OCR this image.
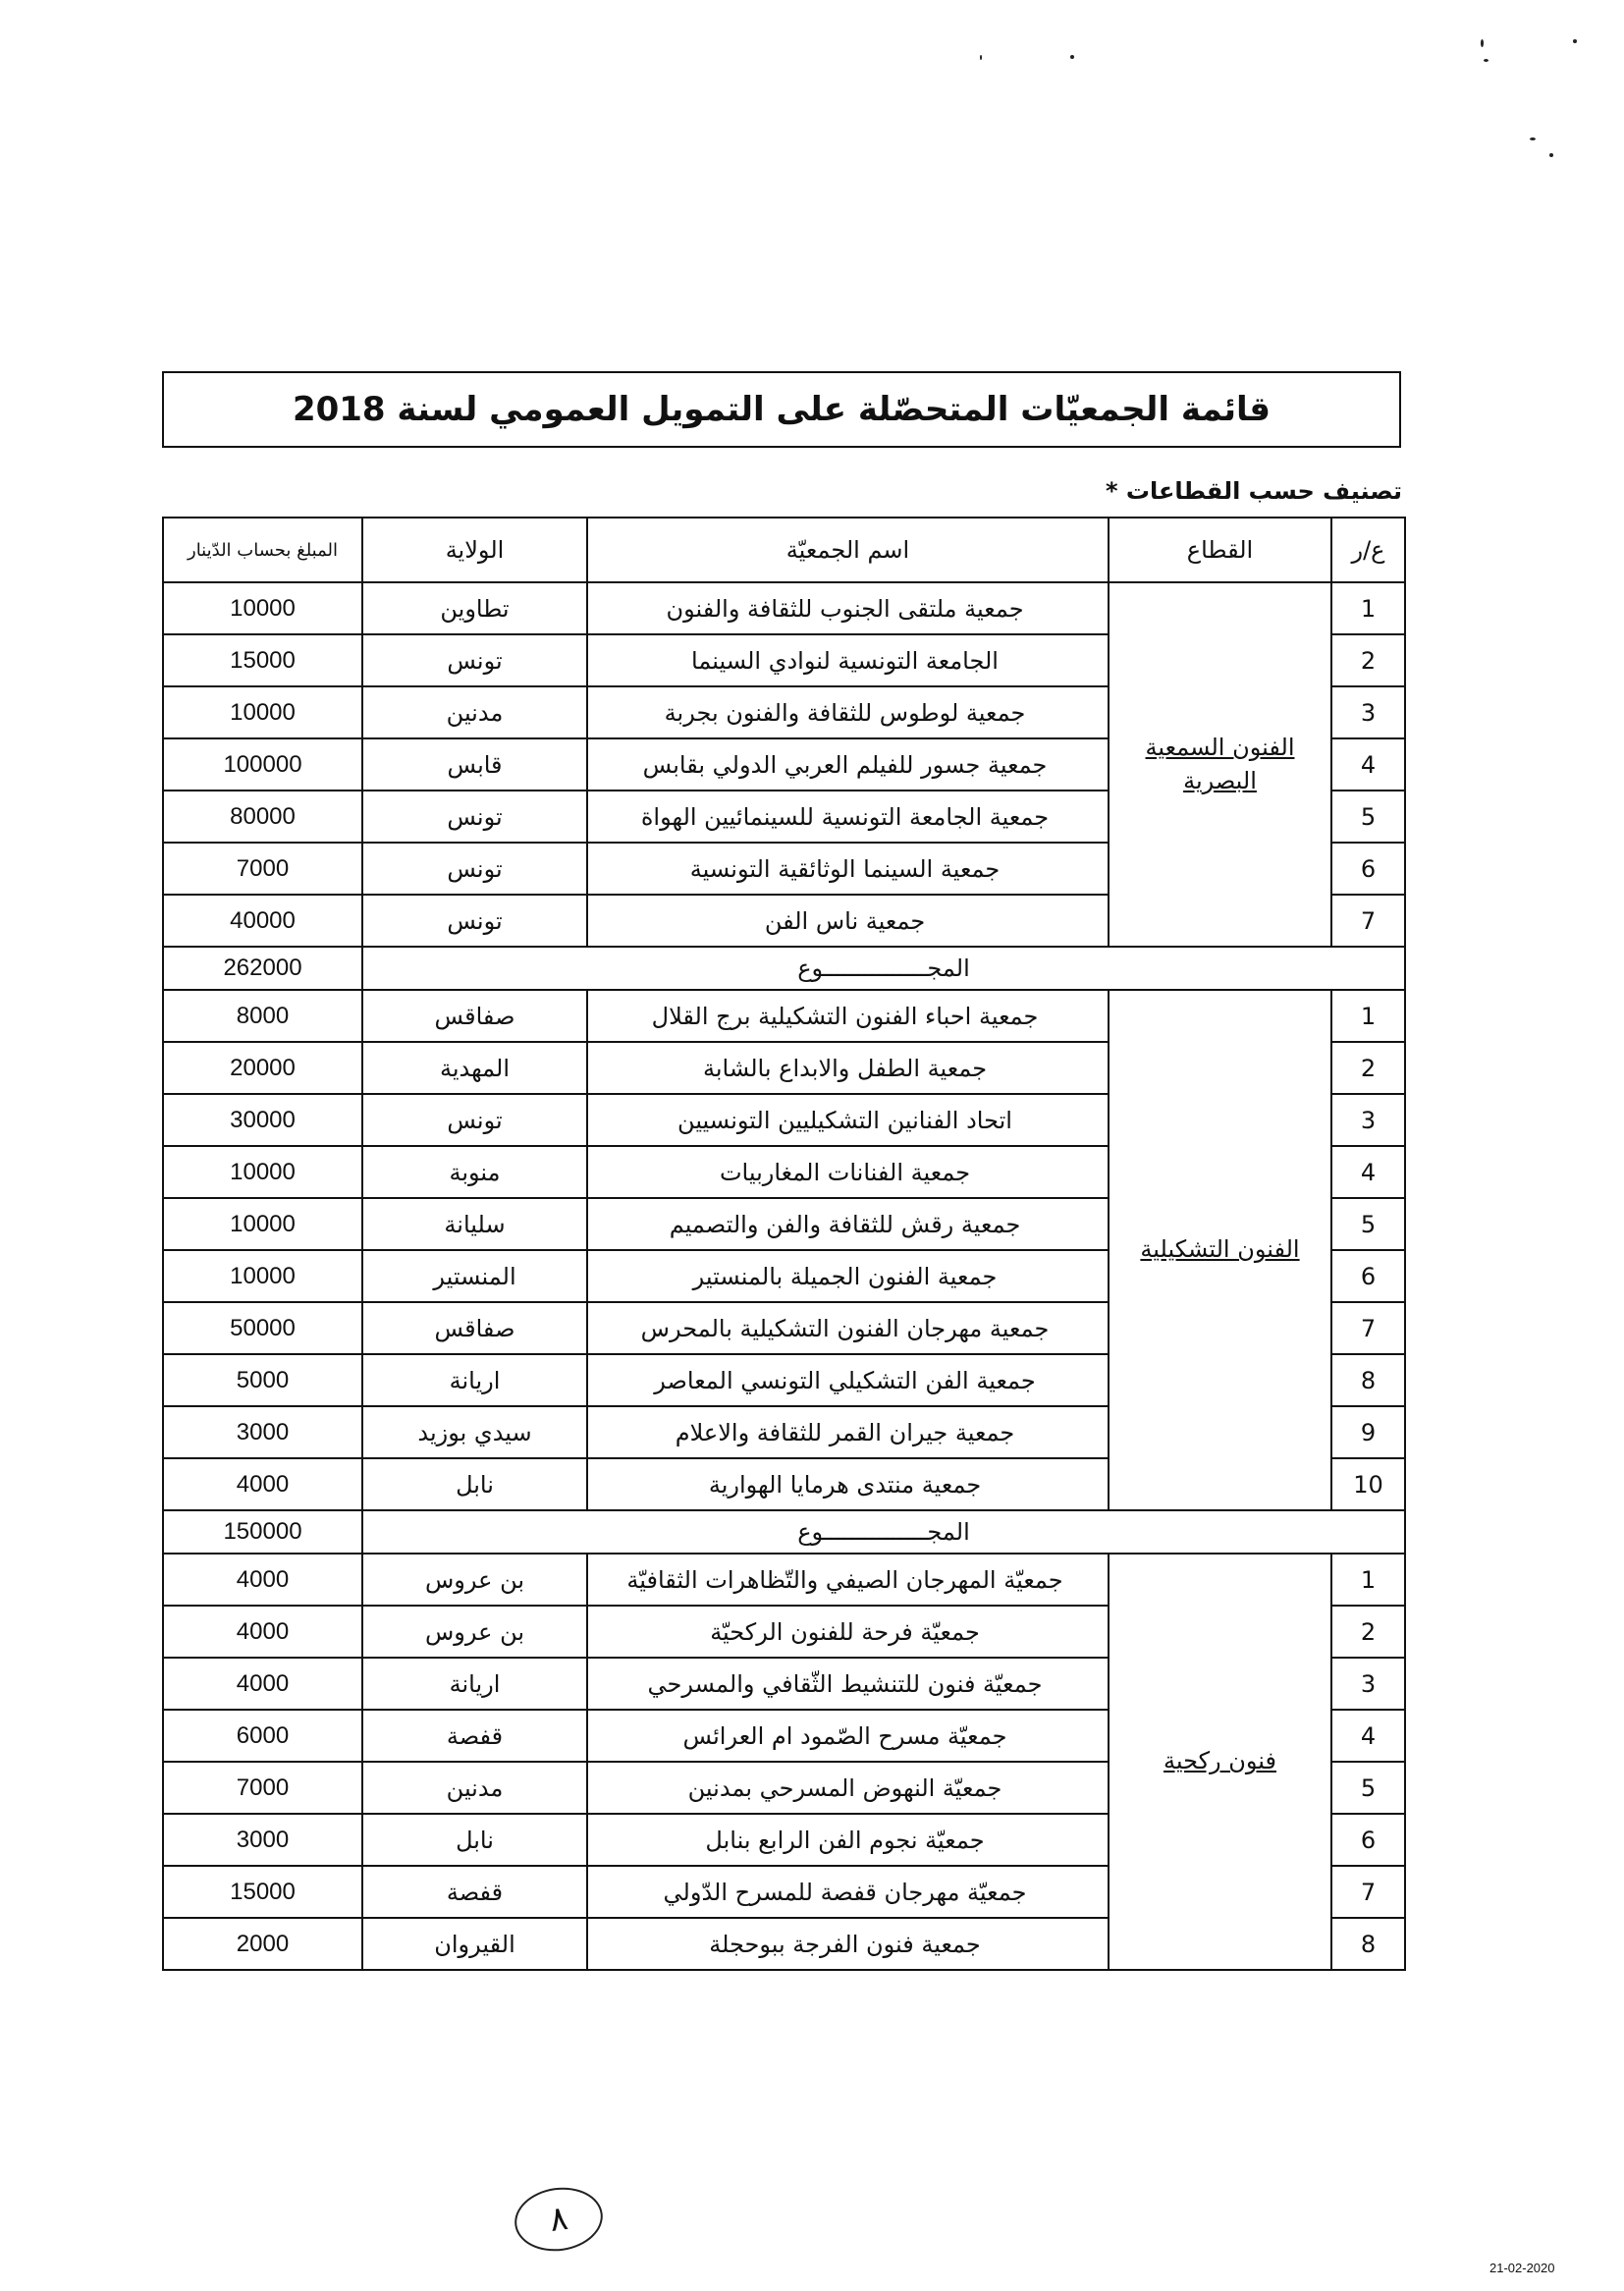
قائمة الجمعيّات المتحصّلة على التمويل العمومي لسنة 2018
تصنيف حسب القطاعات *
ع/ر	القطاع	اسم الجمعيّة	الولاية	المبلغ بحساب الدّينار
1	الفنون السمعية البصرية	جمعية ملتقى الجنوب للثقافة والفنون	تطاوين	10000
2		الجامعة التونسية لنوادي السينما	تونس	15000
3		جمعية لوطوس للثقافة والفنون بجربة	مدنين	10000
4		جمعية جسور للفيلم العربي الدولي بقابس	قابس	100000
5		جمعية الجامعة التونسية للسينمائيين الهواة	تونس	80000
6		جمعية السينما الوثائقية التونسية	تونس	7000
7		جمعية ناس الفن	تونس	40000
المجـــــــــــــــوع				262000
1	الفنون التشكيلية	جمعية احباء الفنون التشكيلية برج القلال	صفاقس	8000
2		جمعية الطفل والابداع بالشابة	المهدية	20000
3		اتحاد الفنانين التشكيليين التونسيين	تونس	30000
4		جمعية الفنانات المغاربيات	منوبة	10000
5		جمعية رقش للثقافة والفن والتصميم	سليانة	10000
6		جمعية الفنون الجميلة بالمنستير	المنستير	10000
7		جمعية مهرجان الفنون التشكيلية بالمحرس	صفاقس	50000
8		جمعية الفن التشكيلي التونسي المعاصر	اريانة	5000
9		جمعية جيران القمر للثقافة والاعلام	سيدي بوزيد	3000
10		جمعية منتدى هرمايا الهوارية	نابل	4000
المجـــــــــــــــوع				150000
1	فنون ركحية	جمعيّة المهرجان الصيفي والتّظاهرات الثقافيّة	بن عروس	4000
2		جمعيّة فرحة للفنون الركحيّة	بن عروس	4000
3		جمعيّة فنون للتنشيط الثّقافي والمسرحي	اريانة	4000
4		جمعيّة مسرح الصّمود ام العرائس	قفصة	6000
5		جمعيّة النهوض المسرحي بمدنين	مدنين	7000
6		جمعيّة نجوم الفن الرابع بنابل	نابل	3000
7		جمعيّة مهرجان قفصة للمسرح الدّولي	قفصة	15000
8		جمعية فنون الفرجة ببوحجلة	القيروان	2000
٨
21-02-2020
